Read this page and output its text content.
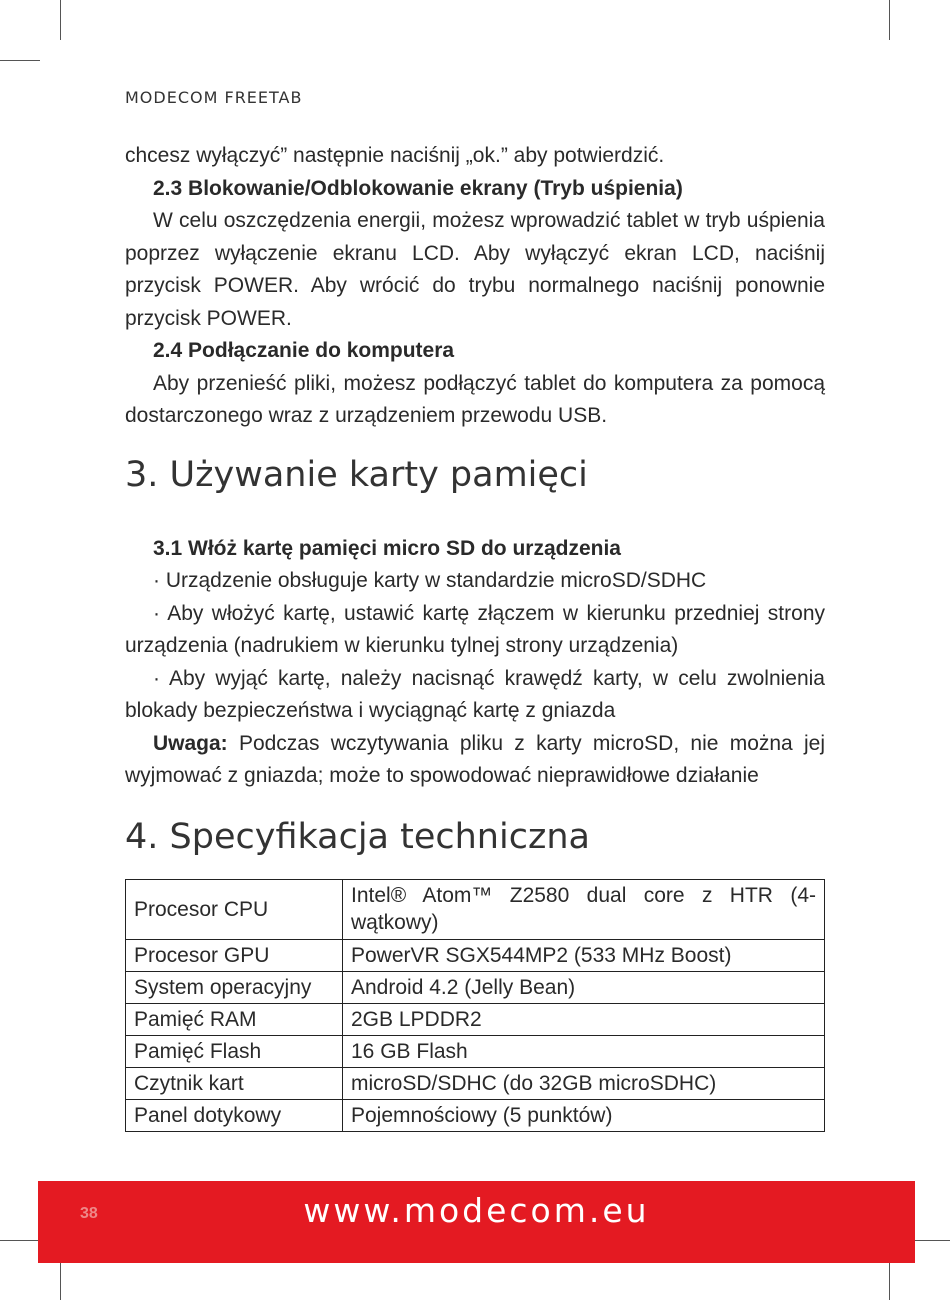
MODECOM FREETAB

chcesz wyłączyć” następnie naciśnij „ok.” aby potwierdzić.

2.3 Blokowanie/Odblokowanie ekrany (Tryb uśpienia)

W celu oszczędzenia energii, możesz wprowadzić tablet w tryb uśpienia poprzez wyłączenie ekranu LCD. Aby wyłączyć ekran LCD, naciśnij przycisk POWER. Aby wrócić do trybu normalnego naciśnij ponownie przycisk POWER.

2.4 Podłączanie do komputera

Aby przenieść pliki, możesz podłączyć tablet do komputera za pomocą dostarczonego wraz z urządzeniem przewodu USB.

3. Używanie karty pamięci

3.1 Włóż kartę pamięci micro SD do urządzenia

· Urządzenie obsługuje karty w standardzie microSD/SDHC

· Aby włożyć kartę, ustawić kartę złączem w kierunku przedniej strony urządzenia (nadrukiem w kierunku tylnej strony urządzenia)

· Aby wyjąć kartę, należy nacisnąć krawędź karty, w celu zwolnienia blokady bezpieczeństwa i wyciągnąć kartę z gniazda

Uwaga: Podczas wczytywania pliku z karty microSD, nie można jej wyjmować z gniazda; może to spowodować nieprawidłowe działanie

4. Specyfikacja techniczna
Procesor CPU	Intel® Atom™ Z2580 dual core z HTR (4-wątkowy)
Procesor GPU	PowerVR SGX544MP2 (533 MHz Boost)
System operacyjny	Android 4.2 (Jelly Bean)
Pamięć RAM	2GB LPDDR2
Pamięć Flash	16 GB Flash
Czytnik kart	microSD/SDHC (do 32GB microSDHC)
Panel dotykowy	Pojemnościowy (5 punktów)
38	www.modecom.eu
